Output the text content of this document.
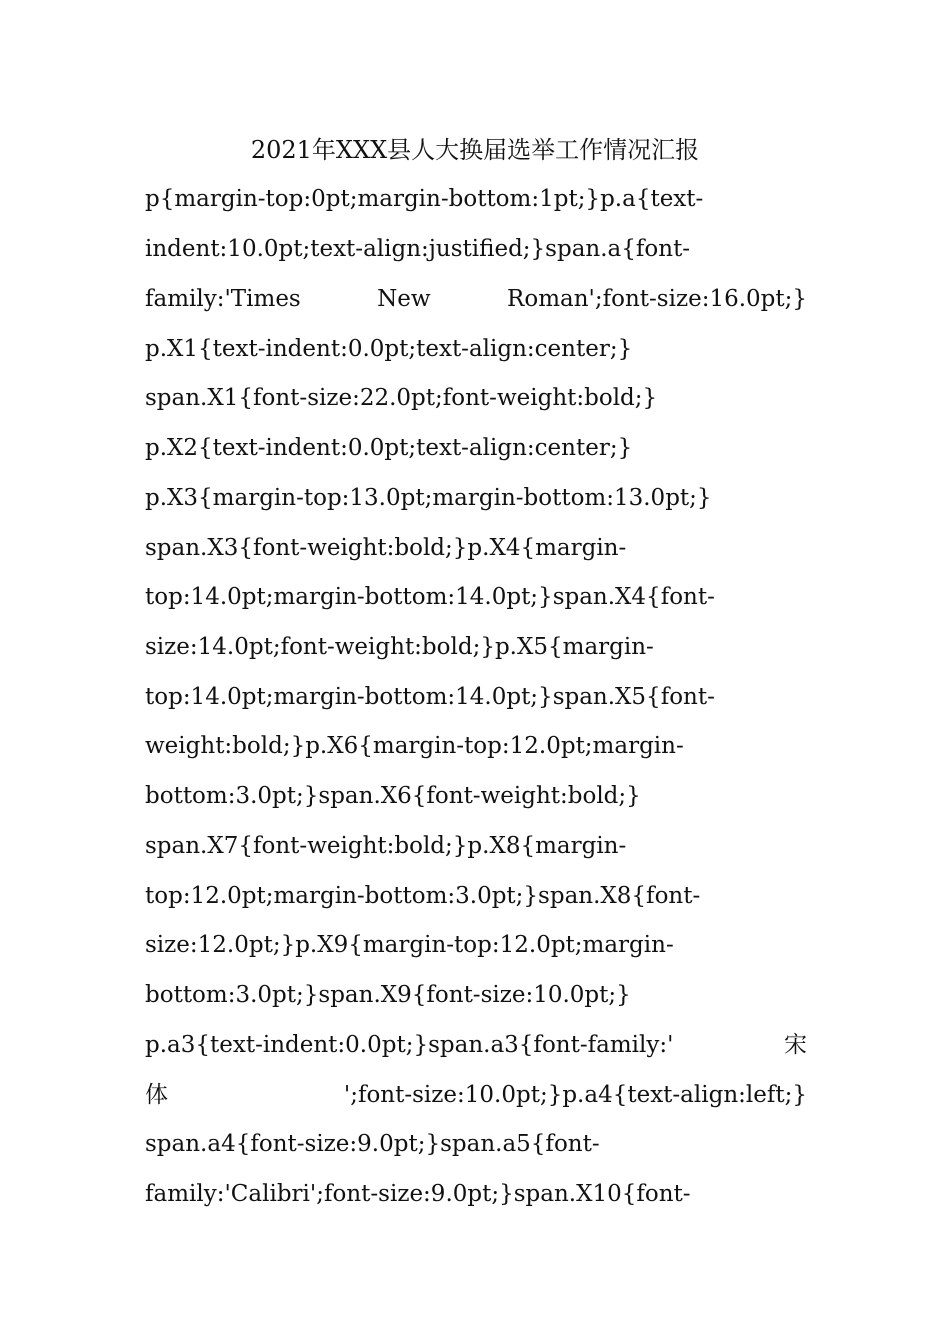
2021年XXX县人大换届选举工作情况汇报

p{margin-top:0pt;margin-bottom:1pt;}p.a{text-

indent:10.0pt;text-align:justified;}span.a{font-

family:'Times New Roman';font-size:16.0pt;}

p.X1{text-indent:0.0pt;text-align:center;}

span.X1{font-size:22.0pt;font-weight:bold;}

p.X2{text-indent:0.0pt;text-align:center;}

p.X3{margin-top:13.0pt;margin-bottom:13.0pt;}

span.X3{font-weight:bold;}p.X4{margin-

top:14.0pt;margin-bottom:14.0pt;}span.X4{font-

size:14.0pt;font-weight:bold;}p.X5{margin-

top:14.0pt;margin-bottom:14.0pt;}span.X5{font-

weight:bold;}p.X6{margin-top:12.0pt;margin-

bottom:3.0pt;}span.X6{font-weight:bold;}

span.X7{font-weight:bold;}p.X8{margin-

top:12.0pt;margin-bottom:3.0pt;}span.X8{font-

size:12.0pt;}p.X9{margin-top:12.0pt;margin-

bottom:3.0pt;}span.X9{font-size:10.0pt;}

p.a3{text-indent:0.0pt;}span.a3{font-family:' 宋

体 ';font-size:10.0pt;}p.a4{text-align:left;}

span.a4{font-size:9.0pt;}span.a5{font-

family:'Calibri';font-size:9.0pt;}span.X10{font-
